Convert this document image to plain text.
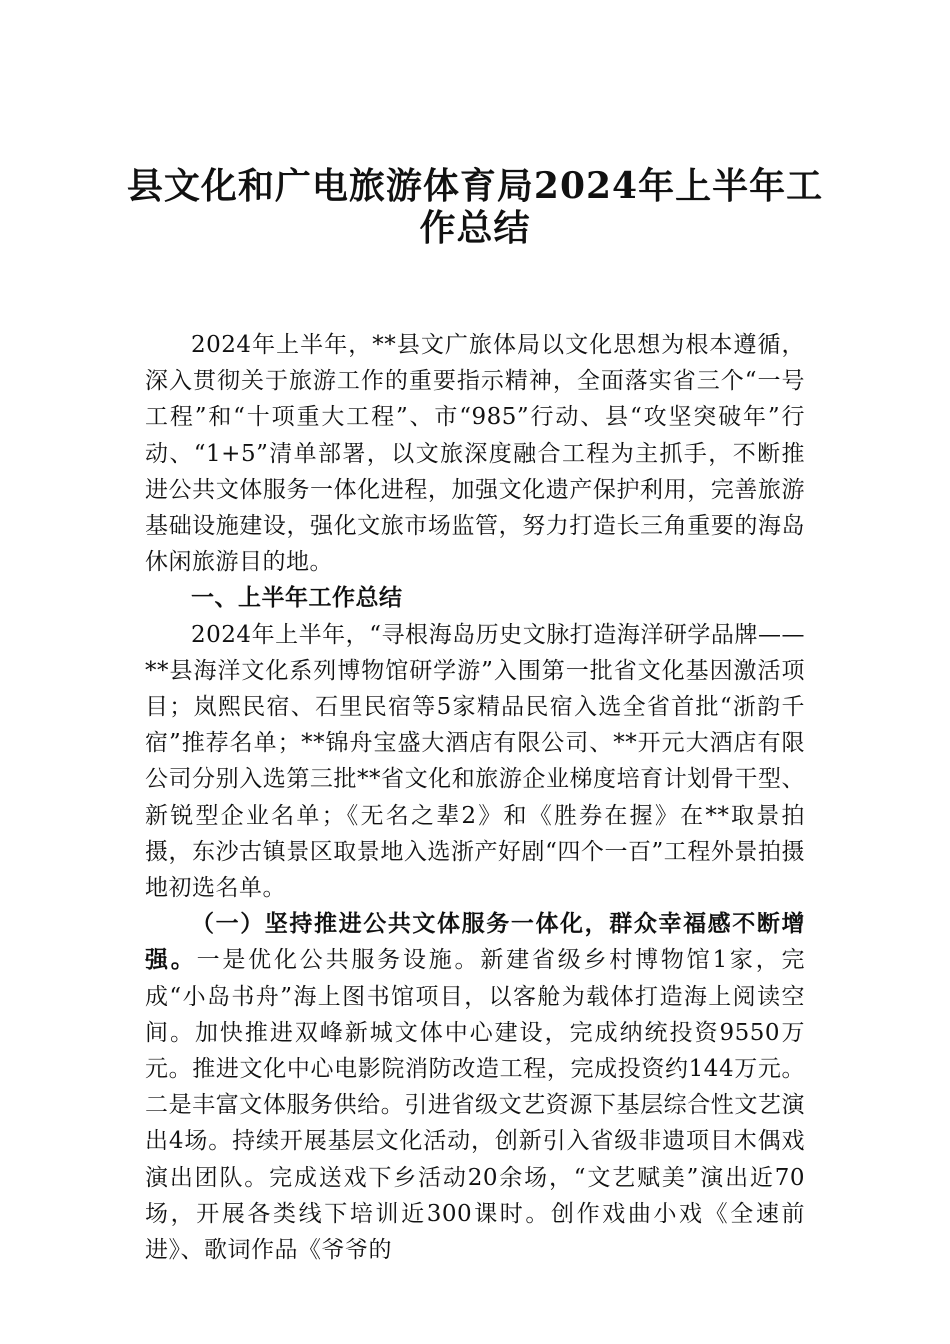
县文化和广电旅游体育局2024年上半年工
作总结

2024年上半年，**县文广旅体局以文化思想为根本遵循，深入贯彻关于旅游工作的重要指示精神，全面落实省三个“一号工程”和“十项重大工程”、市“985”行动、县“攻坚突破年”行动、“1+5”清单部署，以文旅深度融合工程为主抓手，不断推进公共文体服务一体化进程，加强文化遗产保护利用，完善旅游基础设施建设，强化文旅市场监管，努力打造长三角重要的海岛休闲旅游目的地。

一、上半年工作总结

2024年上半年，“寻根海岛历史文脉打造海洋研学品牌——**县海洋文化系列博物馆研学游”入围第一批省文化基因激活项目；岚熙民宿、石里民宿等5家精品民宿入选全省首批“浙韵千宿”推荐名单；**锦舟宝盛大酒店有限公司、**开元大酒店有限公司分别入选第三批**省文化和旅游企业梯度培育计划骨干型、新锐型企业名单；《无名之辈2》和《胜券在握》在**取景拍摄，东沙古镇景区取景地入选浙产好剧“四个一百”工程外景拍摄地初选名单。

（一）坚持推进公共文体服务一体化，群众幸福感不断增强。一是优化公共服务设施。新建省级乡村博物馆1家，完成“小岛书舟”海上图书馆项目，以客舱为载体打造海上阅读空间。加快推进双峰新城文体中心建设，完成纳统投资9550万元。推进文化中心电影院消防改造工程，完成投资约144万元。二是丰富文体服务供给。引进省级文艺资源下基层综合性文艺演出4场。持续开展基层文化活动，创新引入省级非遗项目木偶戏演出团队。完成送戏下乡活动20余场，“文艺赋美”演出近70场，开展各类线下培训近300课时。创作戏曲小戏《全速前进》、歌词作品《爷爷的
